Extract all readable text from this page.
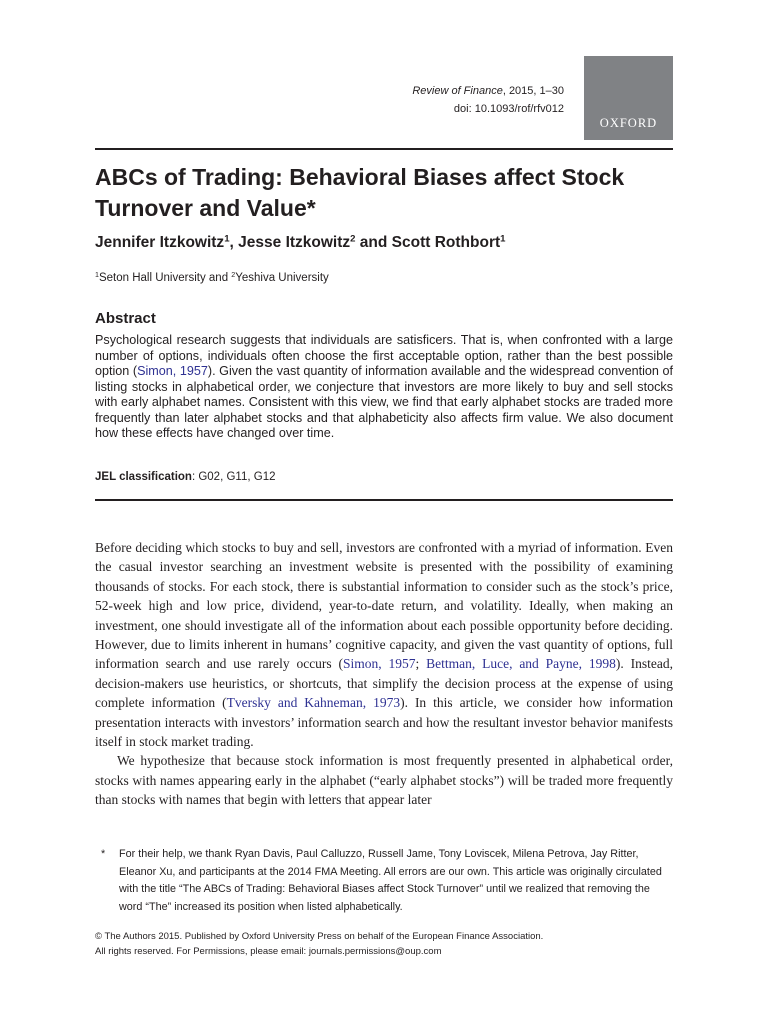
Review of Finance, 2015, 1–30
doi: 10.1093/rof/rfv012
OXFORD
ABCs of Trading: Behavioral Biases affect Stock Turnover and Value*
Jennifer Itzkowitz$^1$, Jesse Itzkowitz$^2$ and Scott Rothbort$^1$
$^1$Seton Hall University and $^2$Yeshiva University
Abstract

Psychological research suggests that individuals are satisficers. That is, when confronted with a large number of options, individuals often choose the first acceptable option, rather than the best possible option (Simon, 1957). Given the vast quantity of information available and the widespread convention of listing stocks in alphabetical order, we conjecture that investors are more likely to buy and sell stocks with early alphabet names. Consistent with this view, we find that early alphabet stocks are traded more frequently than later alphabet stocks and that alphabeticity also affects firm value. We also document how these effects have changed over time.

JEL classification: G02, G11, G12

Before deciding which stocks to buy and sell, investors are confronted with a myriad of information. Even the casual investor searching an investment website is presented with the possibility of examining thousands of stocks. For each stock, there is substantial information to consider such as the stock’s price, 52-week high and low price, dividend, year-to-date return, and volatility. Ideally, when making an investment, one should investigate all of the information about each possible opportunity before deciding. However, due to limits inherent in humans’ cognitive capacity, and given the vast quantity of options, full information search and use rarely occurs (Simon, 1957; Bettman, Luce, and Payne, 1998). Instead, decision-makers use heuristics, or shortcuts, that simplify the decision process at the expense of using complete information (Tversky and Kahneman, 1973). In this article, we consider how information presentation interacts with investors’ information search and how the resultant investor behavior manifests itself in stock market trading.

We hypothesize that because stock information is most frequently presented in alphabetical order, stocks with names appearing early in the alphabet (“early alphabet stocks”) will be traded more frequently than stocks with names that begin with letters that appear later

* For their help, we thank Ryan Davis, Paul Calluzzo, Russell Jame, Tony Loviscek, Milena Petrova, Jay Ritter, Eleanor Xu, and participants at the 2014 FMA Meeting. All errors are our own. This article was originally circulated with the title “The ABCs of Trading: Behavioral Biases affect Stock Turnover” until we realized that removing the word “The” increased its position when listed alphabetically.
© The Authors 2015. Published by Oxford University Press on behalf of the European Finance Association.
All rights reserved. For Permissions, please email: journals.permissions@oup.com
